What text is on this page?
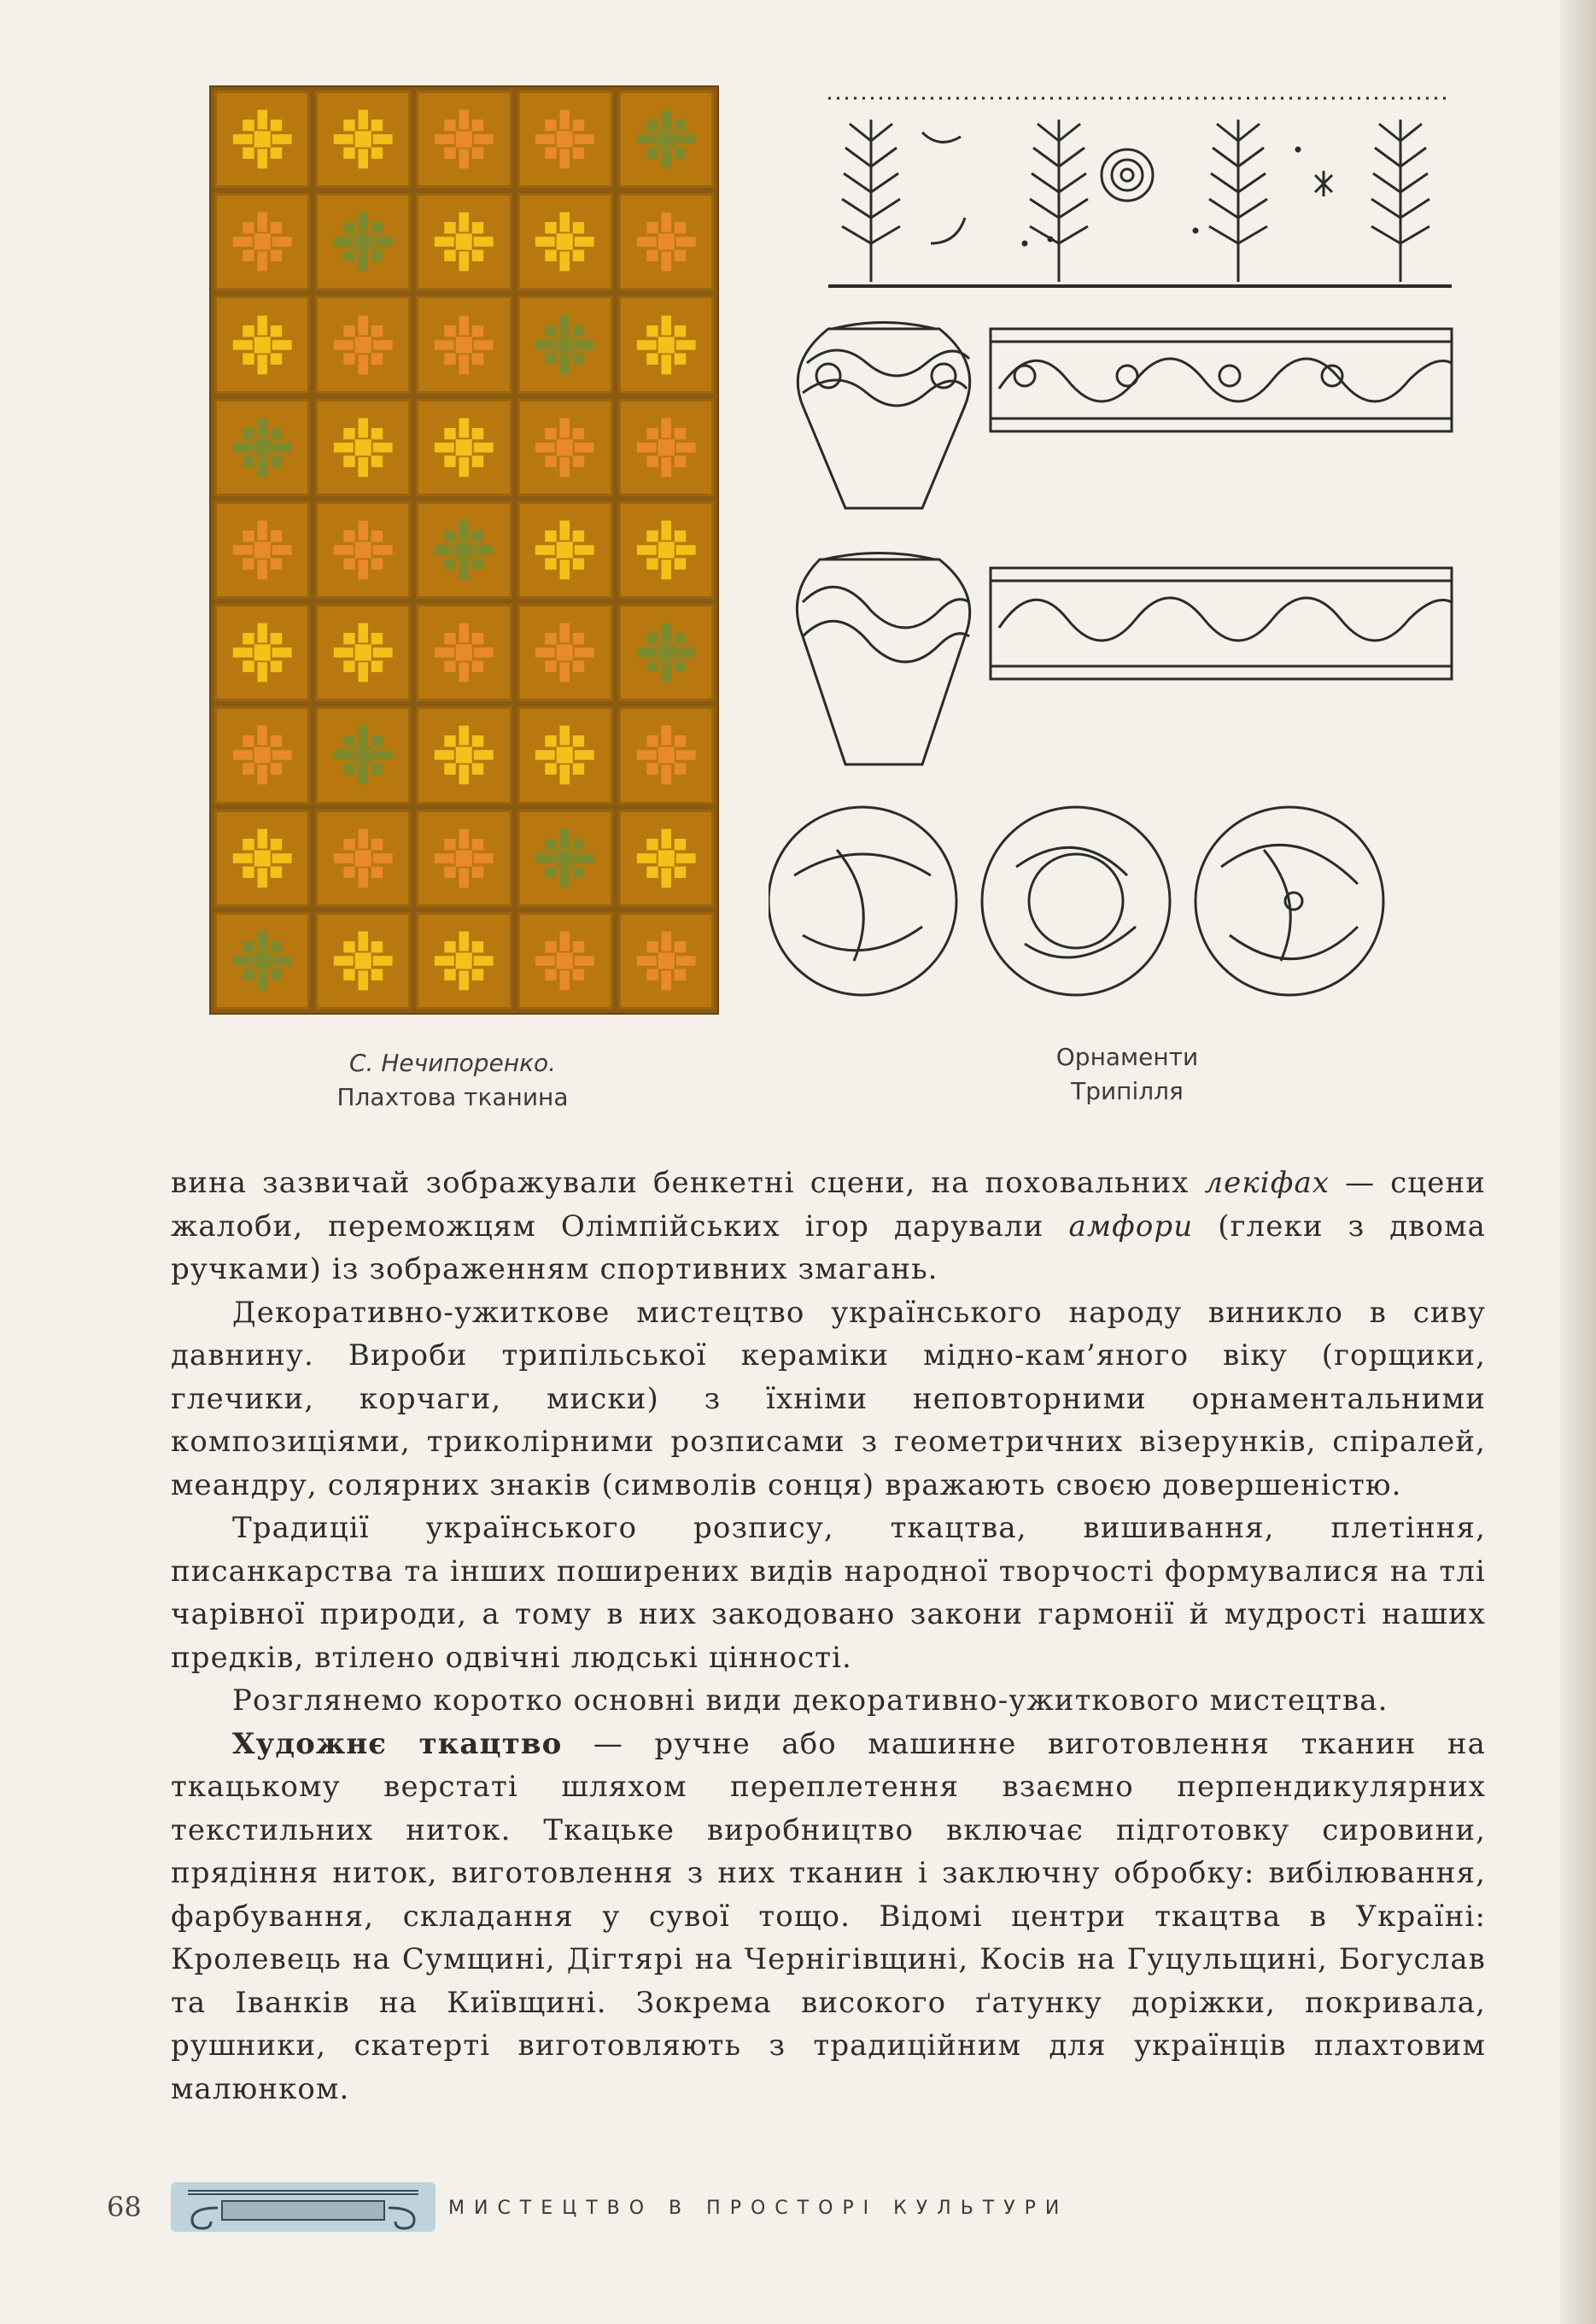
С. Нечипоренко.
Плахтова тканина
Орнаменти
Трипілля

вина зазвичай зображували бенкетні сцени, на поховальних лекіфах — сцени жалоби, переможцям Олімпійських ігор дарували амфори (глеки з двома ручками) із зображенням спортивних змагань.

Декоративно-ужиткове мистецтво українського народу виникло в сиву давнину. Вироби трипільської кераміки мідно-кам’яного віку (горщики, глечики, корчаги, миски) з їхніми неповторними орнаментальними композиціями, триколірними розписами з геометричних візерунків, спіралей, меандру, солярних знаків (символів сонця) вражають своєю довершеністю.

Традиції українського розпису, ткацтва, вишивання, плетіння, писанкарства та інших поширених видів народної творчості формувалися на тлі чарівної природи, а тому в них закодовано закони гармонії й мудрості наших предків, втілено одвічні людські цінності.

Розглянемо коротко основні види декоративно-ужиткового мистецтва.

Художнє ткацтво — ручне або машинне виготовлення тканин на ткацькому верстаті шляхом переплетення взаємно перпендикулярних текстильних ниток. Ткацьке виробництво включає підготовку сировини, прядіння ниток, виготовлення з них тканин і заключну обробку: вибілювання, фарбування, складання у сувої тощо. Відомі центри ткацтва в Україні: Кролевець на Сумщині, Дігтярі на Чернігівщині, Косів на Гуцульщині, Богуслав та Іванків на Київщині. Зокрема високого ґатунку доріжки, покривала, рушники, скатерті виготовляють з традиційним для українців плахтовим малюнком.

68	МИСТЕЦТВО В ПРОСТОРІ КУЛЬТУРИ
